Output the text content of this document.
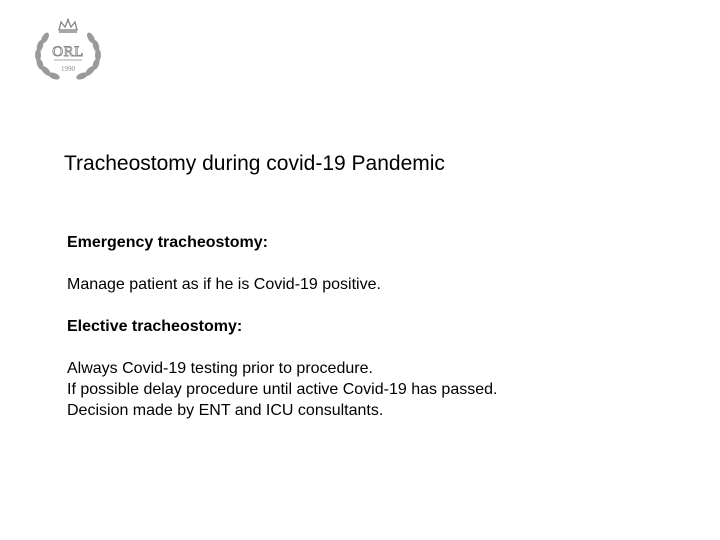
ORL
1990
Tracheostomy during covid-19 Pandemic

Emergency tracheostomy:

Manage patient as if he is Covid-19 positive.

Elective tracheostomy:

Always Covid-19 testing prior to procedure.
If possible delay procedure until active Covid-19 has passed.
Decision made by ENT and ICU consultants.
